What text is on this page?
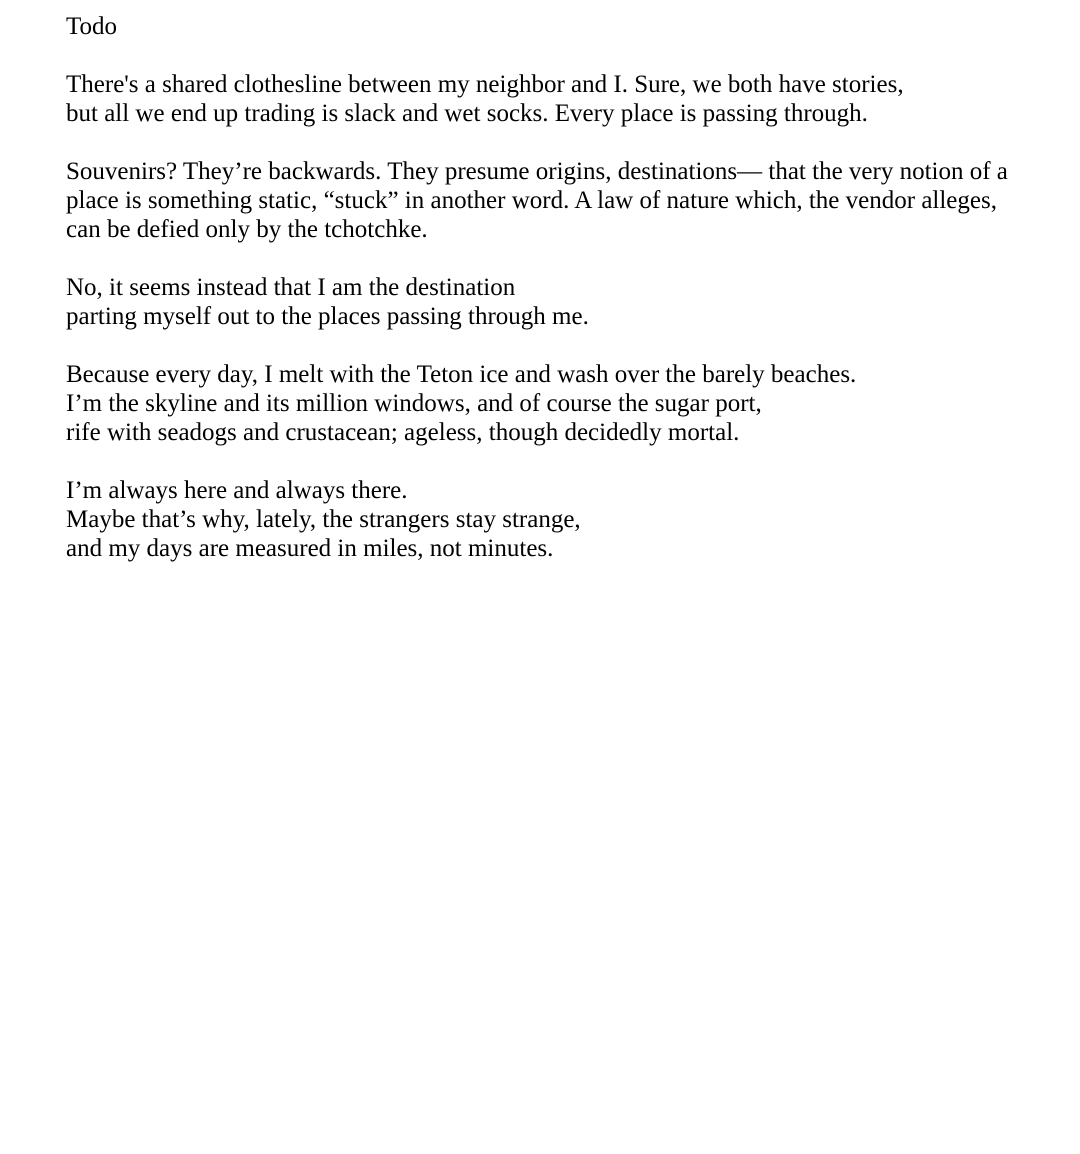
Todo
There's a shared clothesline between my neighbor and I. Sure, we both have stories,
but all we end up trading is slack and wet socks. Every place is passing through.
Souvenirs? They’re backwards. They presume origins, destinations— that the very notion of a
place is something static, “stuck” in another word. A law of nature which, the vendor alleges,
can be defied only by the tchotchke.
No, it seems instead that I am the destination
parting myself out to the places passing through me.
Because every day, I melt with the Teton ice and wash over the barely beaches.
I’m the skyline and its million windows, and of course the sugar port,
rife with seadogs and crustacean; ageless, though decidedly mortal.
I’m always here and always there.
Maybe that’s why, lately, the strangers stay strange,
and my days are measured in miles, not minutes.
